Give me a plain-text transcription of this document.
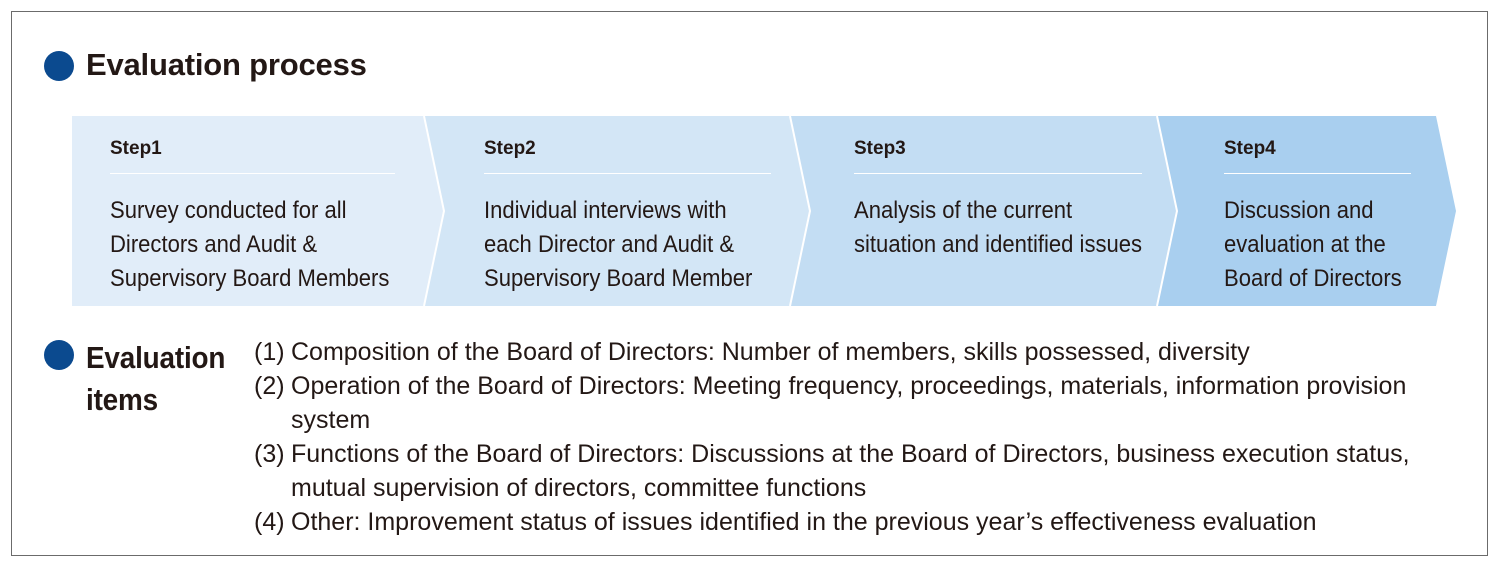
Evaluation process
Step1
Survey conducted for all
Directors and Audit &
Supervisory Board Members
Step2
Individual interviews with
each Director and Audit &
Supervisory Board Member
Step3
Analysis of the current
situation and identified issues
Step4
Discussion and
evaluation at the
Board of Directors
Evaluation
items
(1) Composition of the Board of Directors: Number of members, skills possessed, diversity
(2) Operation of the Board of Directors: Meeting frequency, proceedings, materials, information provision system
(3) Functions of the Board of Directors: Discussions at the Board of Directors, business execution status, mutual supervision of directors, committee functions
(4) Other: Improvement status of issues identified in the previous year’s effectiveness evaluation
